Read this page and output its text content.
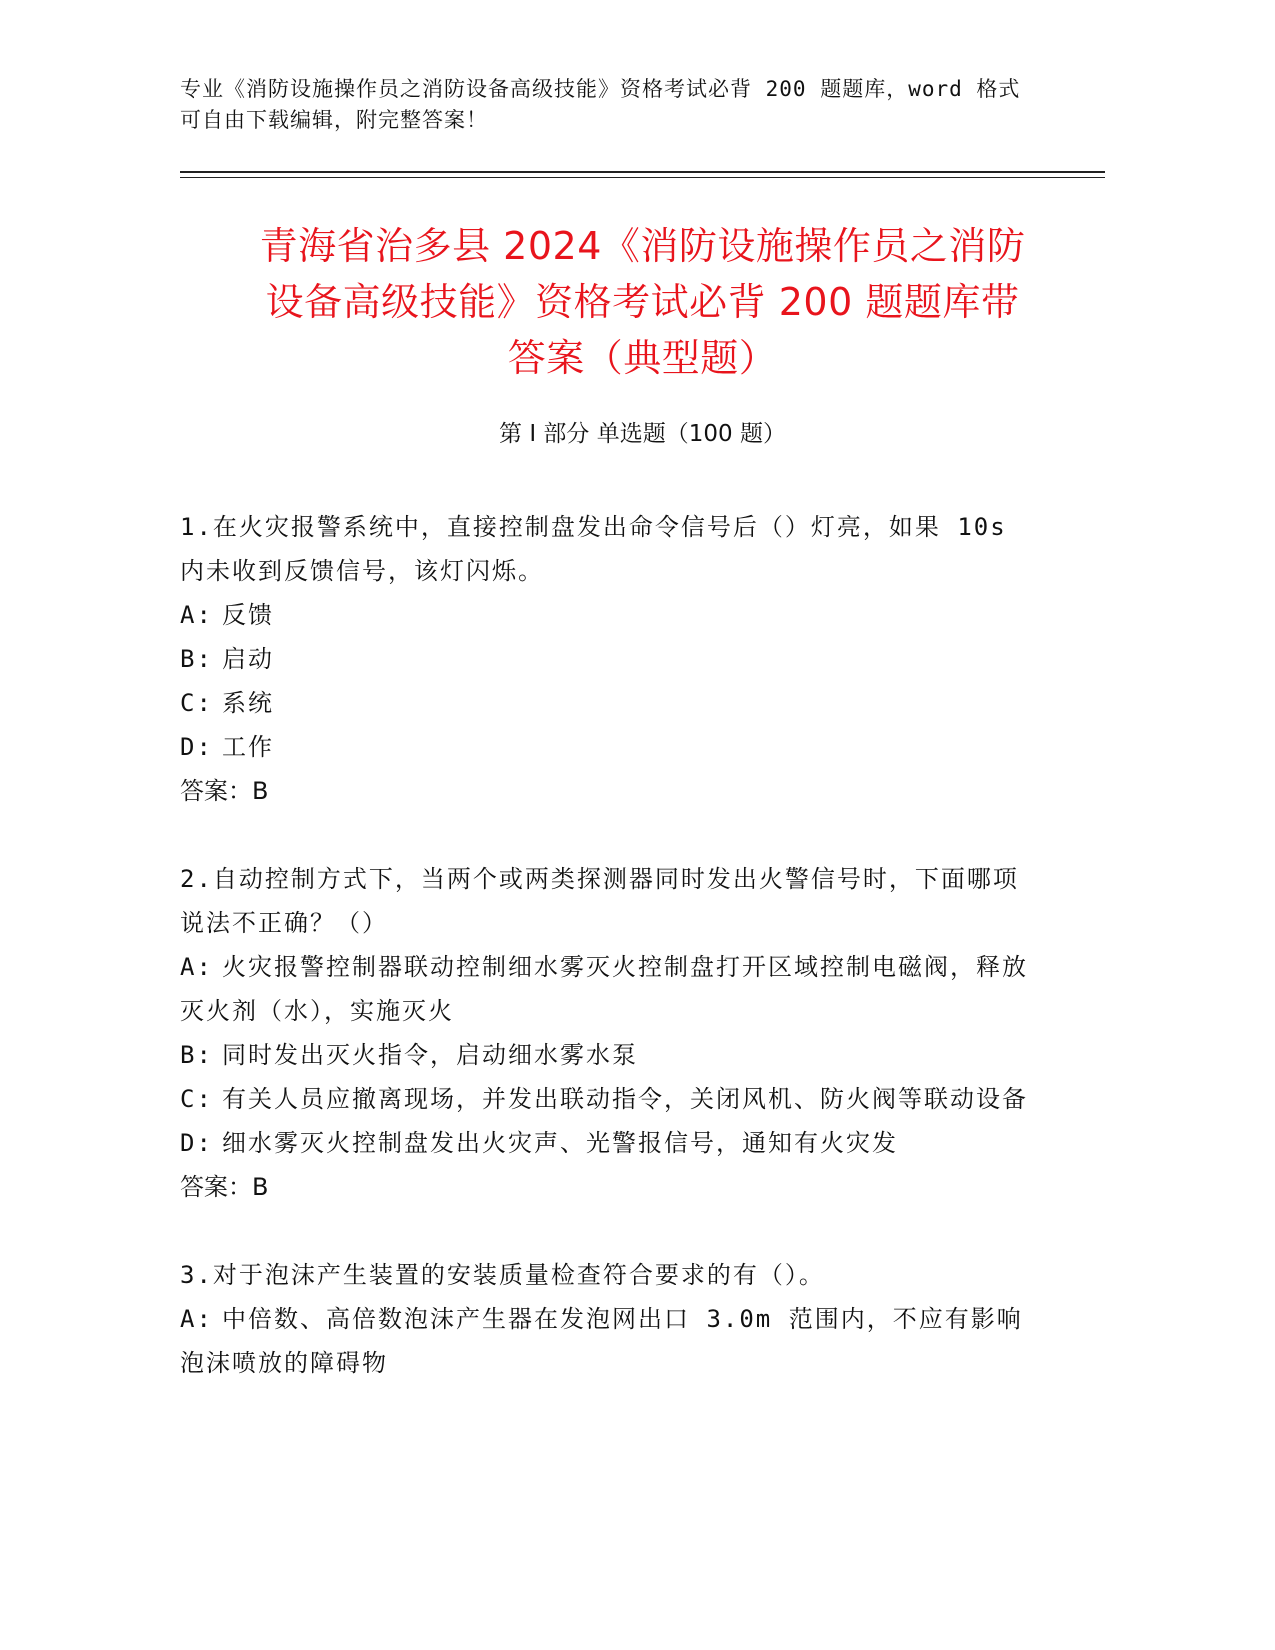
专业《消防设施操作员之消防设备高级技能》资格考试必背 200 题题库，word 格式可自由下载编辑，附完整答案！
青海省治多县 2024《消防设施操作员之消防
设备高级技能》资格考试必背 200 题题库带
答案（典型题）
第 I 部分 单选题（100 题）
1.在火灾报警系统中，直接控制盘发出命令信号后（）灯亮，如果 10s 内未收到反馈信号，该灯闪烁。
A: 反馈
B: 启动
C: 系统
D: 工作
答案：B
2.自动控制方式下，当两个或两类探测器同时发出火警信号时，下面哪项说法不正确？（）
A: 火灾报警控制器联动控制细水雾灭火控制盘打开区域控制电磁阀，释放灭火剂（水），实施灭火
B: 同时发出灭火指令，启动细水雾水泵
C: 有关人员应撤离现场，并发出联动指令，关闭风机、防火阀等联动设备
D: 细水雾灭火控制盘发出火灾声、光警报信号，通知有火灾发
答案：B
3.对于泡沫产生装置的安装质量检查符合要求的有（）。
A: 中倍数、高倍数泡沫产生器在发泡网出口 3.0m 范围内，不应有影响泡沫喷放的障碍物
